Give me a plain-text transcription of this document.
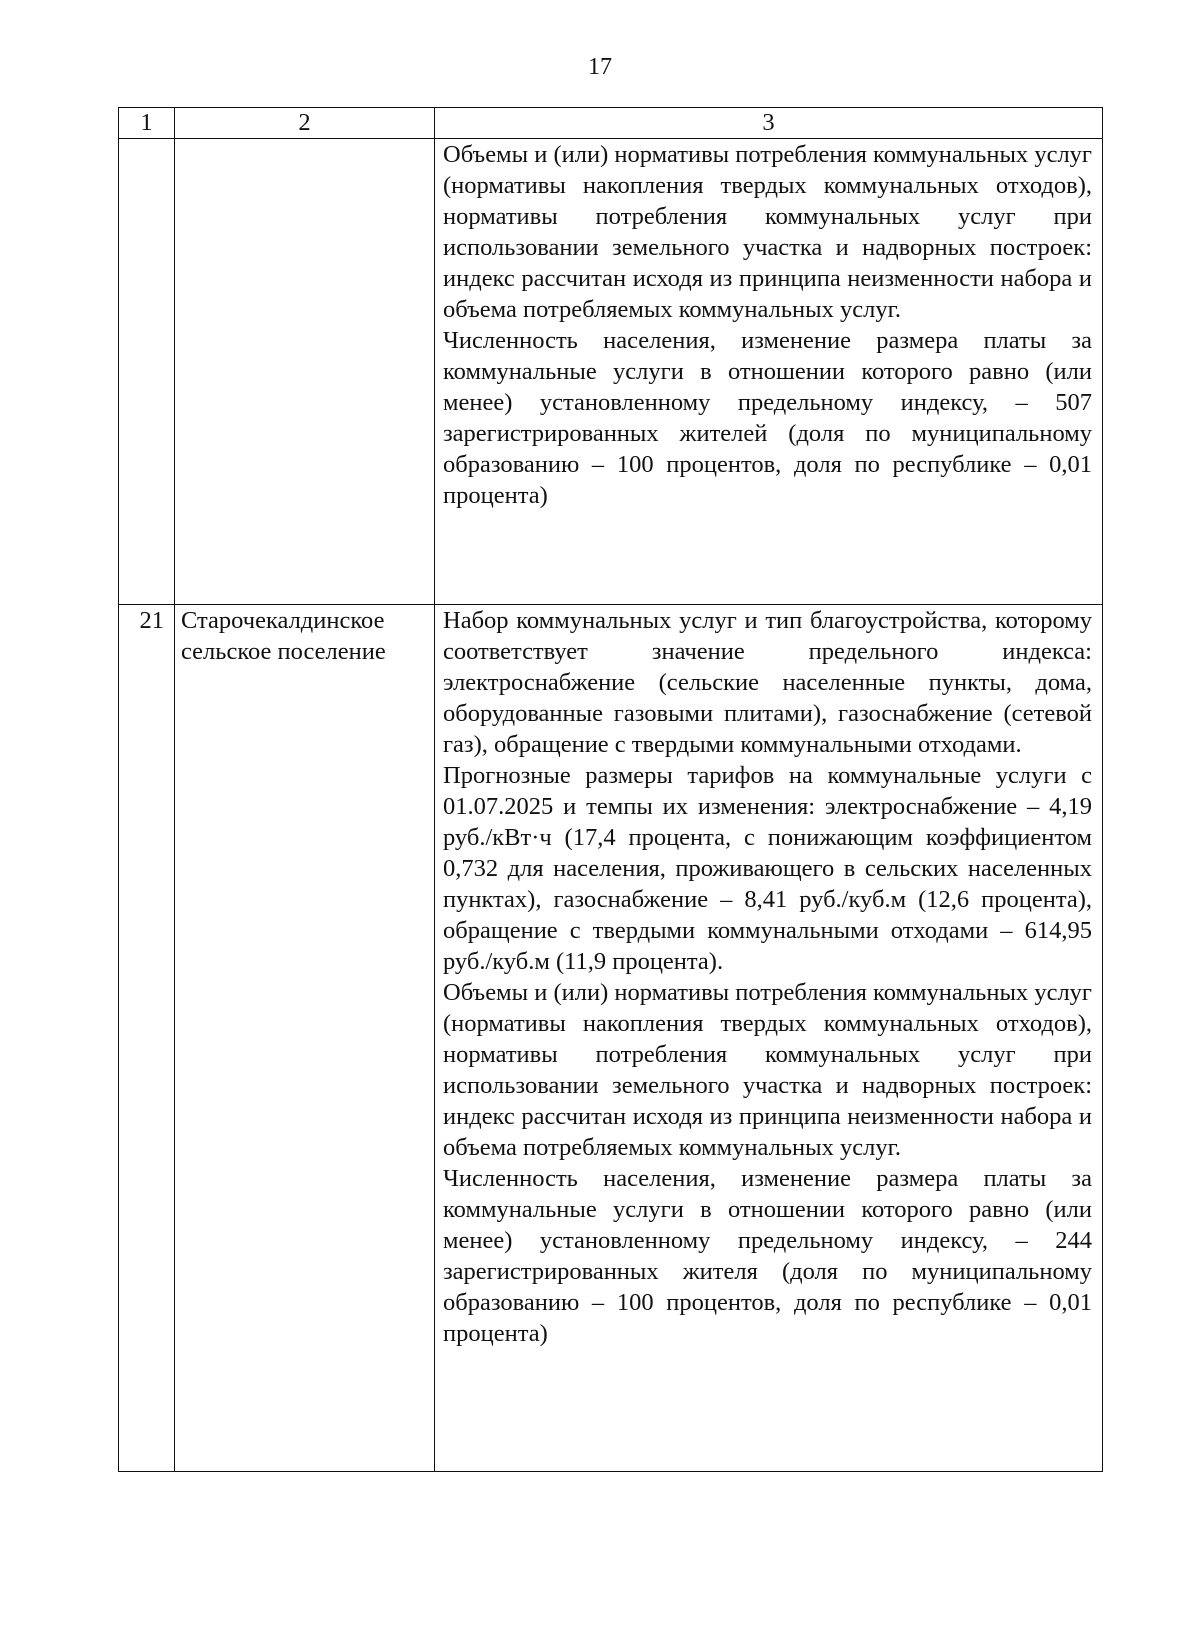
17
1	2	3

		Объемы и (или) нормативы потребления коммунальных услуг (нормативы накопления твердых коммунальных отходов), нормативы потребления коммунальных услуг при использовании земельного участка и надворных построек: индекс рассчитан исходя из принципа неизменности набора и объема потребляемых коммунальных услуг.

Численность населения, изменение размера платы за коммунальные услуги в отношении которого равно (или менее) установленному предельному индексу, – 507 зарегистрированных жителей (доля по муниципальному образованию – 100 процентов, доля по республике – 0,01 процента)

21	Старочекалдинское сельское поселение	Набор коммунальных услуг и тип благоустройства, которому соответствует значение предельного индекса: электроснабжение (сельские населенные пункты, дома, оборудованные газовыми плитами), газоснабжение (сетевой газ), обращение с твердыми коммунальными отходами.

Прогнозные размеры тарифов на коммунальные услуги с 01.07.2025 и темпы их изменения: электроснабжение – 4,19 руб./кВт·ч (17,4 процента, с понижающим коэффициентом 0,732 для населения, проживающего в сельских населенных пунктах), газоснабжение – 8,41 руб./куб.м (12,6 процента), обращение с твердыми коммунальными отходами – 614,95 руб./куб.м (11,9 процента).

Объемы и (или) нормативы потребления коммунальных услуг (нормативы накопления твердых коммунальных отходов), нормативы потребления коммунальных услуг при использовании земельного участка и надворных построек: индекс рассчитан исходя из принципа неизменности набора и объема потребляемых коммунальных услуг.

Численность населения, изменение размера платы за коммунальные услуги в отношении которого равно (или менее) установленному предельному индексу, – 244 зарегистрированных жителя (доля по муниципальному образованию – 100 процентов, доля по республике – 0,01 процента)
